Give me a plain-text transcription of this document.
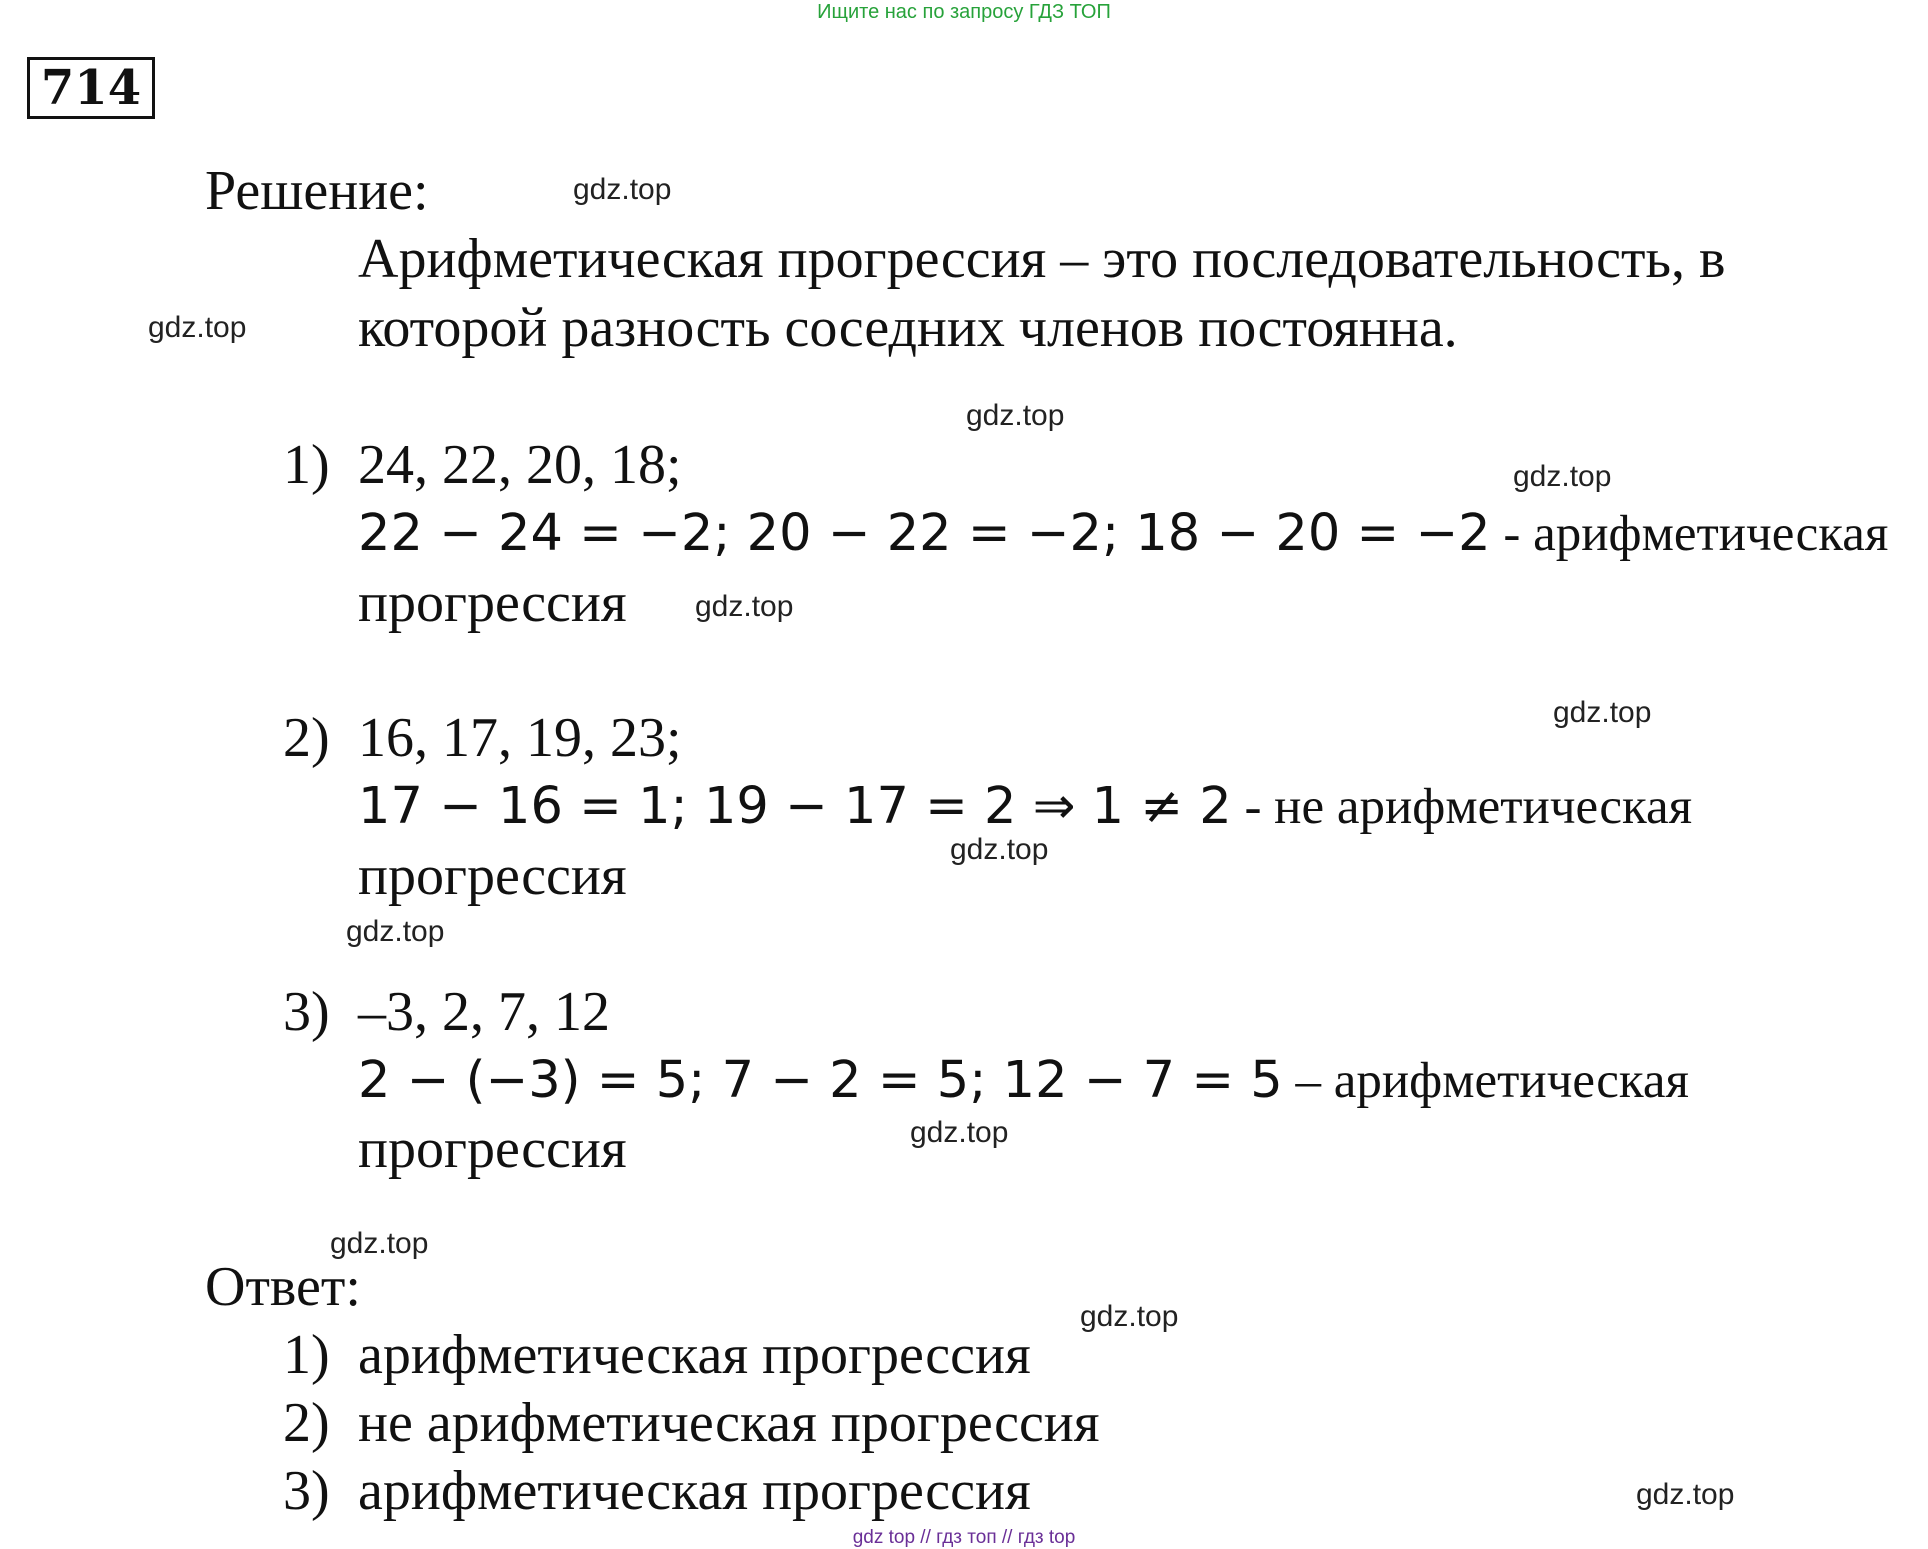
Ищите нас по запросу ГДЗ ТОП
714
Решение:
Арифметическая прогрессия – это последовательность, в
которой разность соседних членов постоянна.
1) 24, 22, 20, 18;
22 − 24 = −2; 20 − 22 = −2; 18 − 20 = −2 - арифметическая
прогрессия
2) 16, 17, 19, 23;
17 − 16 = 1; 19 − 17 = 2 ⇒ 1 ≠ 2 - не арифметическая
прогрессия
3) –3, 2, 7, 12
2 − (−3) = 5; 7 − 2 = 5; 12 − 7 = 5 – арифметическая
прогрессия
Ответ:
1) арифметическая прогрессия
2) не арифметическая прогрессия
3) арифметическая прогрессия
gdz.top
gdz.top
gdz.top
gdz.top
gdz.top
gdz.top
gdz.top
gdz.top
gdz.top
gdz.top
gdz.top
gdz.top
gdz top // гдз топ // гдз top
